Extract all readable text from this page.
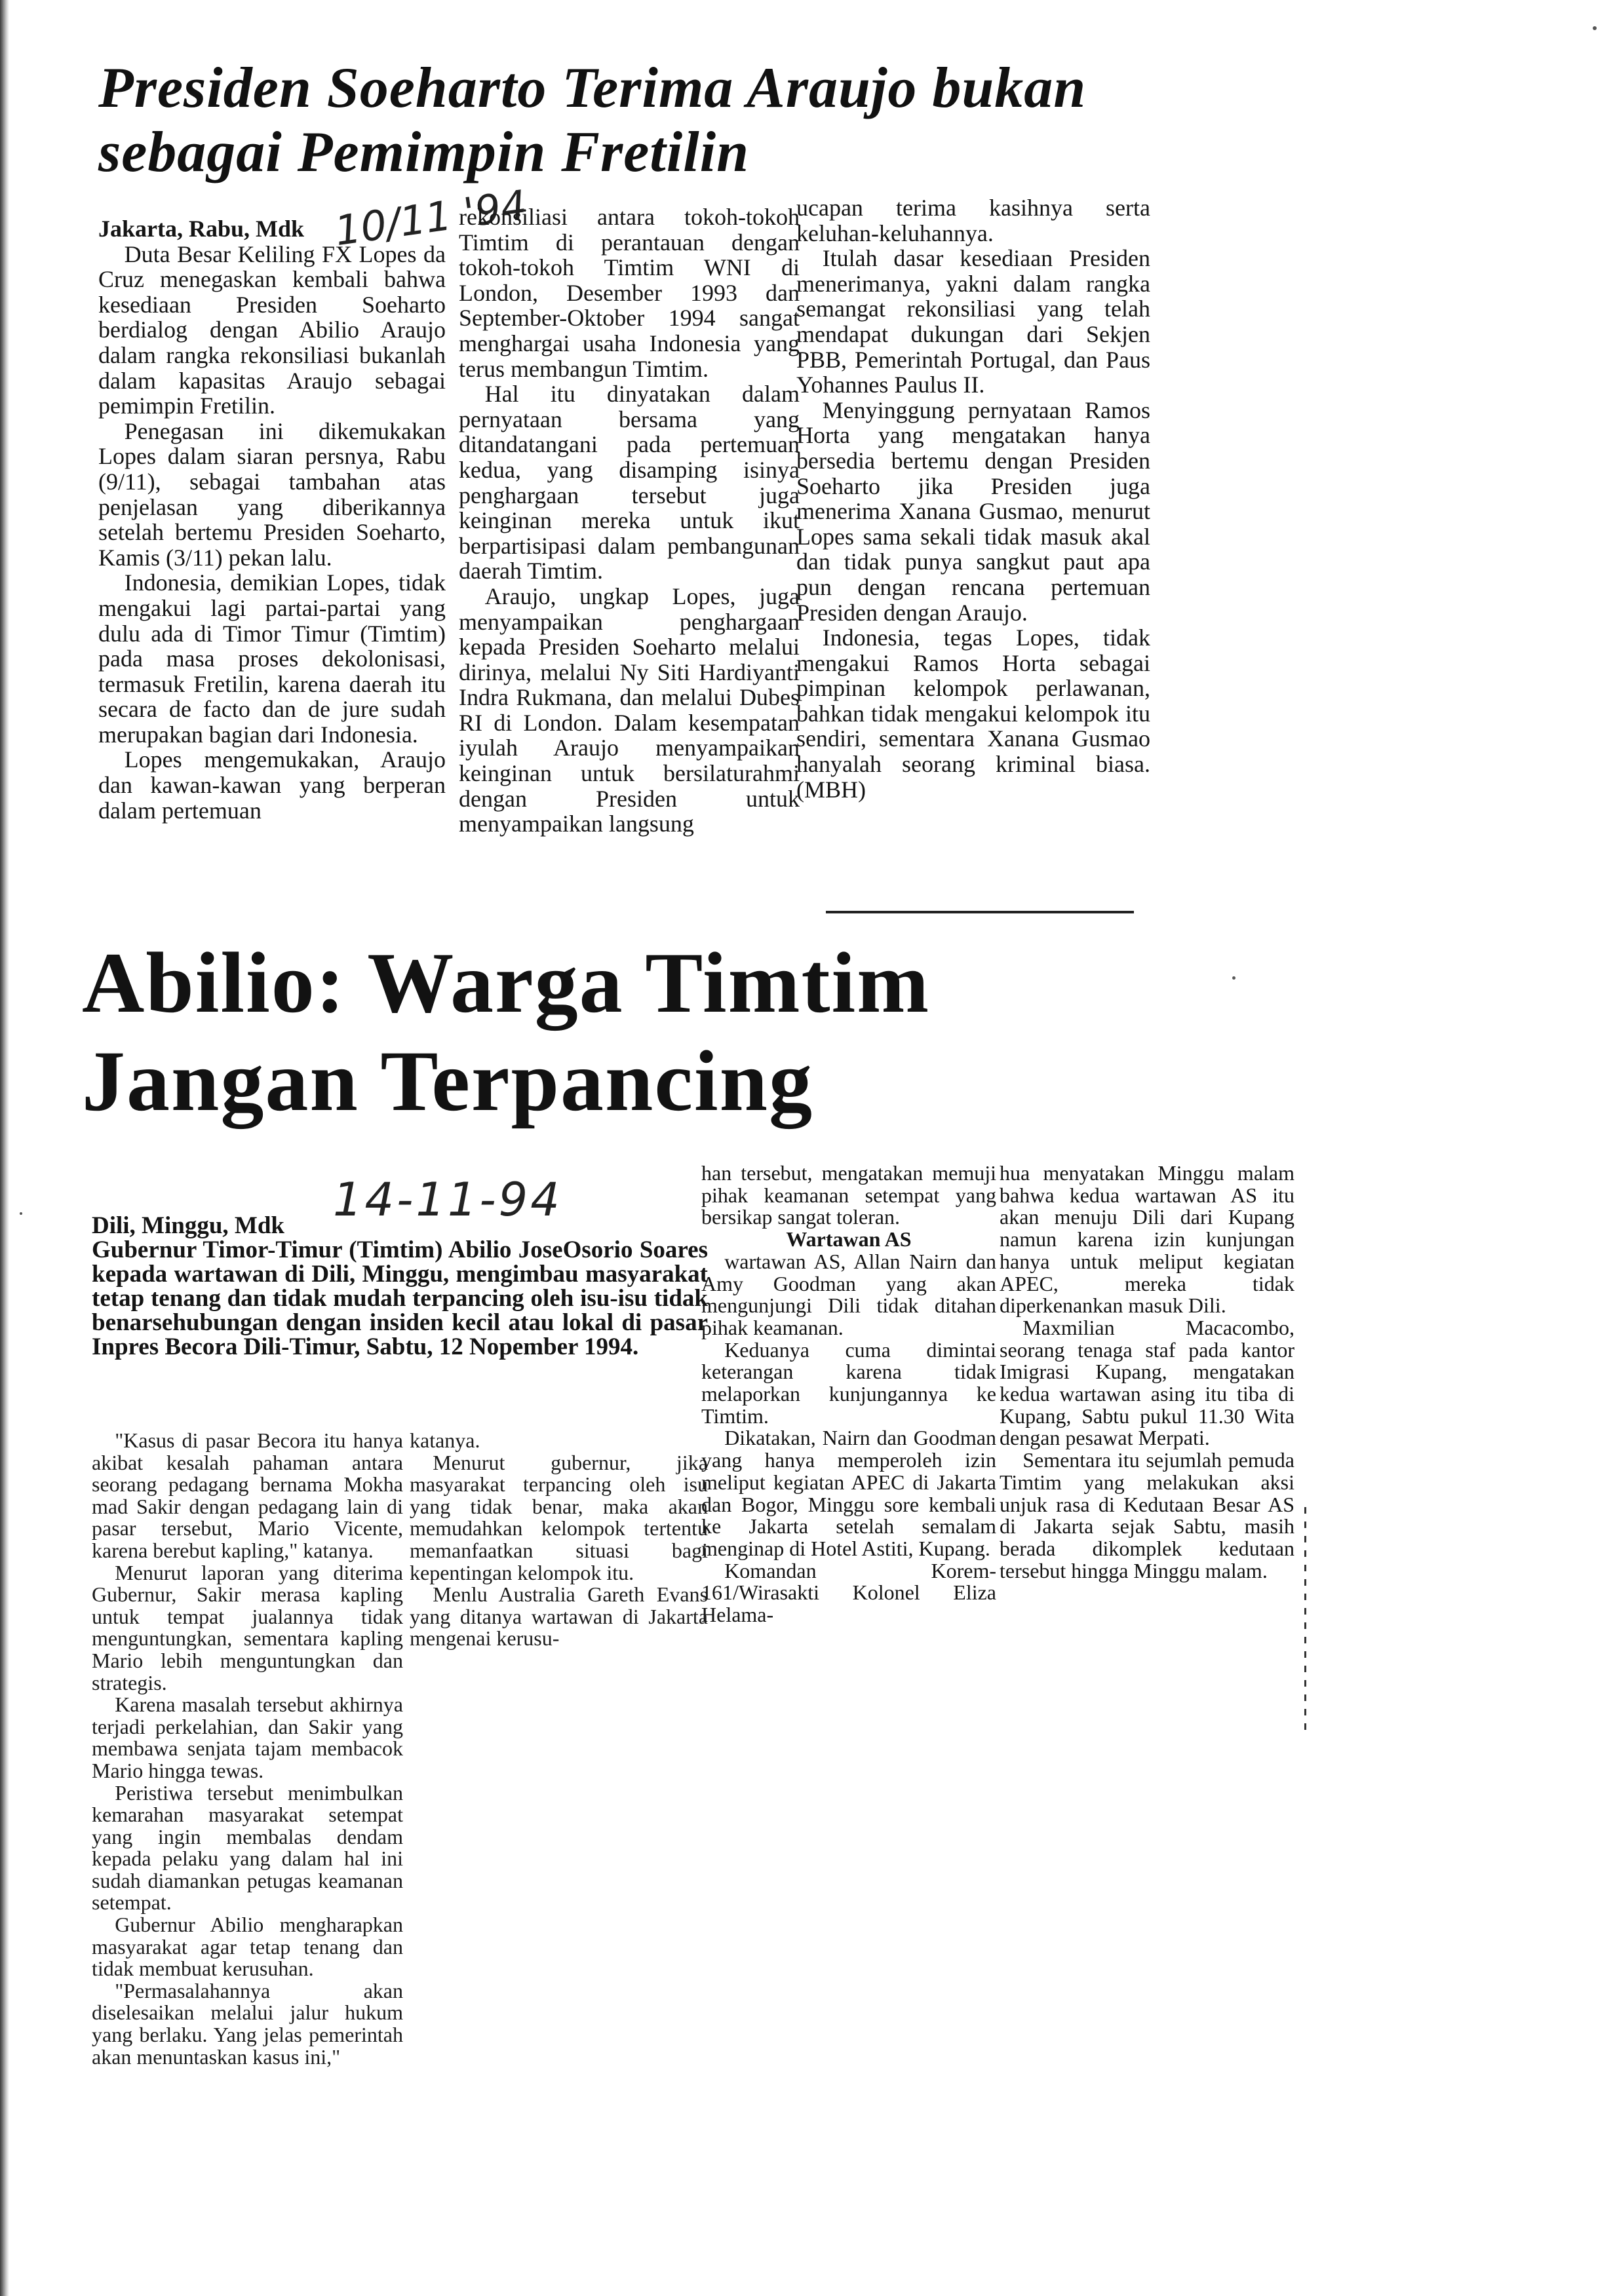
Presiden Soeharto Terima Araujo bukan sebagai Pemimpin Fretilin
10/11 '94

Jakarta, Rabu, Mdk

Duta Besar Keliling FX Lopes da Cruz menegaskan kembali bahwa kesediaan Presiden Soeharto berdialog dengan Abilio Araujo dalam rangka rekonsiliasi bukanlah dalam kapasitas Araujo sebagai pemimpin Fretilin.

Penegasan ini dikemukakan Lopes dalam siaran persnya, Rabu (9/11), sebagai tambahan atas penjelasan yang diberikannya setelah bertemu Presiden Soeharto, Kamis (3/11) pekan lalu.

Indonesia, demikian Lopes, tidak mengakui lagi partai-partai yang dulu ada di Timor Timur (Timtim) pada masa proses dekolonisasi, termasuk Fretilin, karena daerah itu secara de facto dan de jure sudah merupakan bagian dari Indonesia.

Lopes mengemukakan, Araujo dan kawan-kawan yang berperan dalam pertemuan

rekonsiliasi antara tokoh-tokoh Timtim di perantauan dengan tokoh-tokoh Timtim WNI di London, Desember 1993 dan September-Oktober 1994 sangat menghargai usaha Indonesia yang terus membangun Timtim.

Hal itu dinyatakan dalam pernyataan bersama yang ditandatangani pada pertemuan kedua, yang disamping isinya penghargaan tersebut juga keinginan mereka untuk ikut berpartisipasi dalam pembangunan daerah Timtim.

Araujo, ungkap Lopes, juga menyampaikan penghargaan kepada Presiden Soeharto melalui dirinya, melalui Ny Siti Hardiyanti Indra Rukmana, dan melalui Dubes RI di London. Dalam kesempatan iyulah Araujo menyampaikan keinginan untuk bersilaturahmi dengan Presiden untuk menyampaikan langsung

ucapan terima kasihnya serta keluhan-keluhannya.

Itulah dasar kesediaan Presiden menerimanya, yakni dalam rangka semangat rekonsiliasi yang telah mendapat dukungan dari Sekjen PBB, Pemerintah Portugal, dan Paus Yohannes Paulus II.

Menyinggung pernyataan Ramos Horta yang mengatakan hanya bersedia bertemu dengan Presiden Soeharto jika Presiden juga menerima Xanana Gusmao, menurut Lopes sama sekali tidak masuk akal dan tidak punya sangkut paut apa pun dengan rencana pertemuan Presiden dengan Araujo.

Indonesia, tegas Lopes, tidak mengakui Ramos Horta sebagai pimpinan kelompok perlawanan, bahkan tidak mengakui kelompok itu sendiri, sementara Xanana Gusmao hanyalah seorang kriminal biasa.(MBH)

Abilio: Warga Timtim
Jangan Terpancing
14-11-94

Dili, Minggu, Mdk
Gubernur Timor-Timur (Timtim) Abilio JoseOsorio Soares kepada wartawan di Dili, Minggu, mengimbau masyarakat tetap tenang dan tidak mudah terpancing oleh isu-isu tidak benarsehubungan dengan insiden kecil atau lokal di pasar Inpres Becora Dili-Timur, Sabtu, 12 Nopember 1994.

"Kasus di pasar Becora itu hanya akibat kesalah pahaman antara seorang pedagang bernama Mokha mad Sakir dengan pedagang lain di pasar tersebut, Mario Vicente, karena berebut kapling," katanya.

Menurut laporan yang diterima Gubernur, Sakir merasa kapling untuk tempat jualannya tidak menguntungkan, sementara kapling Mario lebih menguntungkan dan strategis.

Karena masalah tersebut akhirnya terjadi perkelahian, dan Sakir yang membawa senjata tajam membacok Mario hingga tewas.

Peristiwa tersebut menimbulkan kemarahan masyarakat setempat yang ingin membalas dendam kepada pelaku yang dalam hal ini sudah diamankan petugas keamanan setempat.

Gubernur Abilio mengharapkan masyarakat agar tetap tenang dan tidak membuat kerusuhan.

"Permasalahannya akan diselesaikan melalui jalur hukum yang berlaku. Yang jelas pemerintah akan menuntaskan kasus ini,"

katanya.

Menurut gubernur, jika masyarakat terpancing oleh isu yang tidak benar, maka akan memudahkan kelompok tertentu memanfaatkan situasi bagi kepentingan kelompok itu.

Menlu Australia Gareth Evans yang ditanya wartawan di Jakarta mengenai kerusu-

han tersebut, mengatakan memuji pihak keamanan setempat yang bersikap sangat toleran.

Wartawan AS

wartawan AS, Allan Nairn dan Amy Goodman yang akan mengunjungi Dili tidak ditahan pihak keamanan.

Keduanya cuma dimintai keterangan karena tidak melaporkan kunjungannya ke Timtim.

Dikatakan, Nairn dan Goodman yang hanya memperoleh izin meliput kegiatan APEC di Jakarta dan Bogor, Minggu sore kembali ke Jakarta setelah semalam menginap di Hotel Astiti, Kupang.

Komandan Korem-161/Wirasakti Kolonel Eliza Helama-

hua menyatakan Minggu malam bahwa kedua wartawan AS itu akan menuju Dili dari Kupang namun karena izin kunjungan hanya untuk meliput kegiatan APEC, mereka tidak diperkenankan masuk Dili.

Maxmilian Macacombo, seorang tenaga staf pada kantor Imigrasi Kupang, mengatakan kedua wartawan asing itu tiba di Kupang, Sabtu pukul 11.30 Wita dengan pesawat Merpati.

Sementara itu sejumlah pemuda Timtim yang melakukan aksi unjuk rasa di Kedutaan Besar AS di Jakarta sejak Sabtu, masih berada dikomplek kedutaan tersebut hingga Minggu malam.
